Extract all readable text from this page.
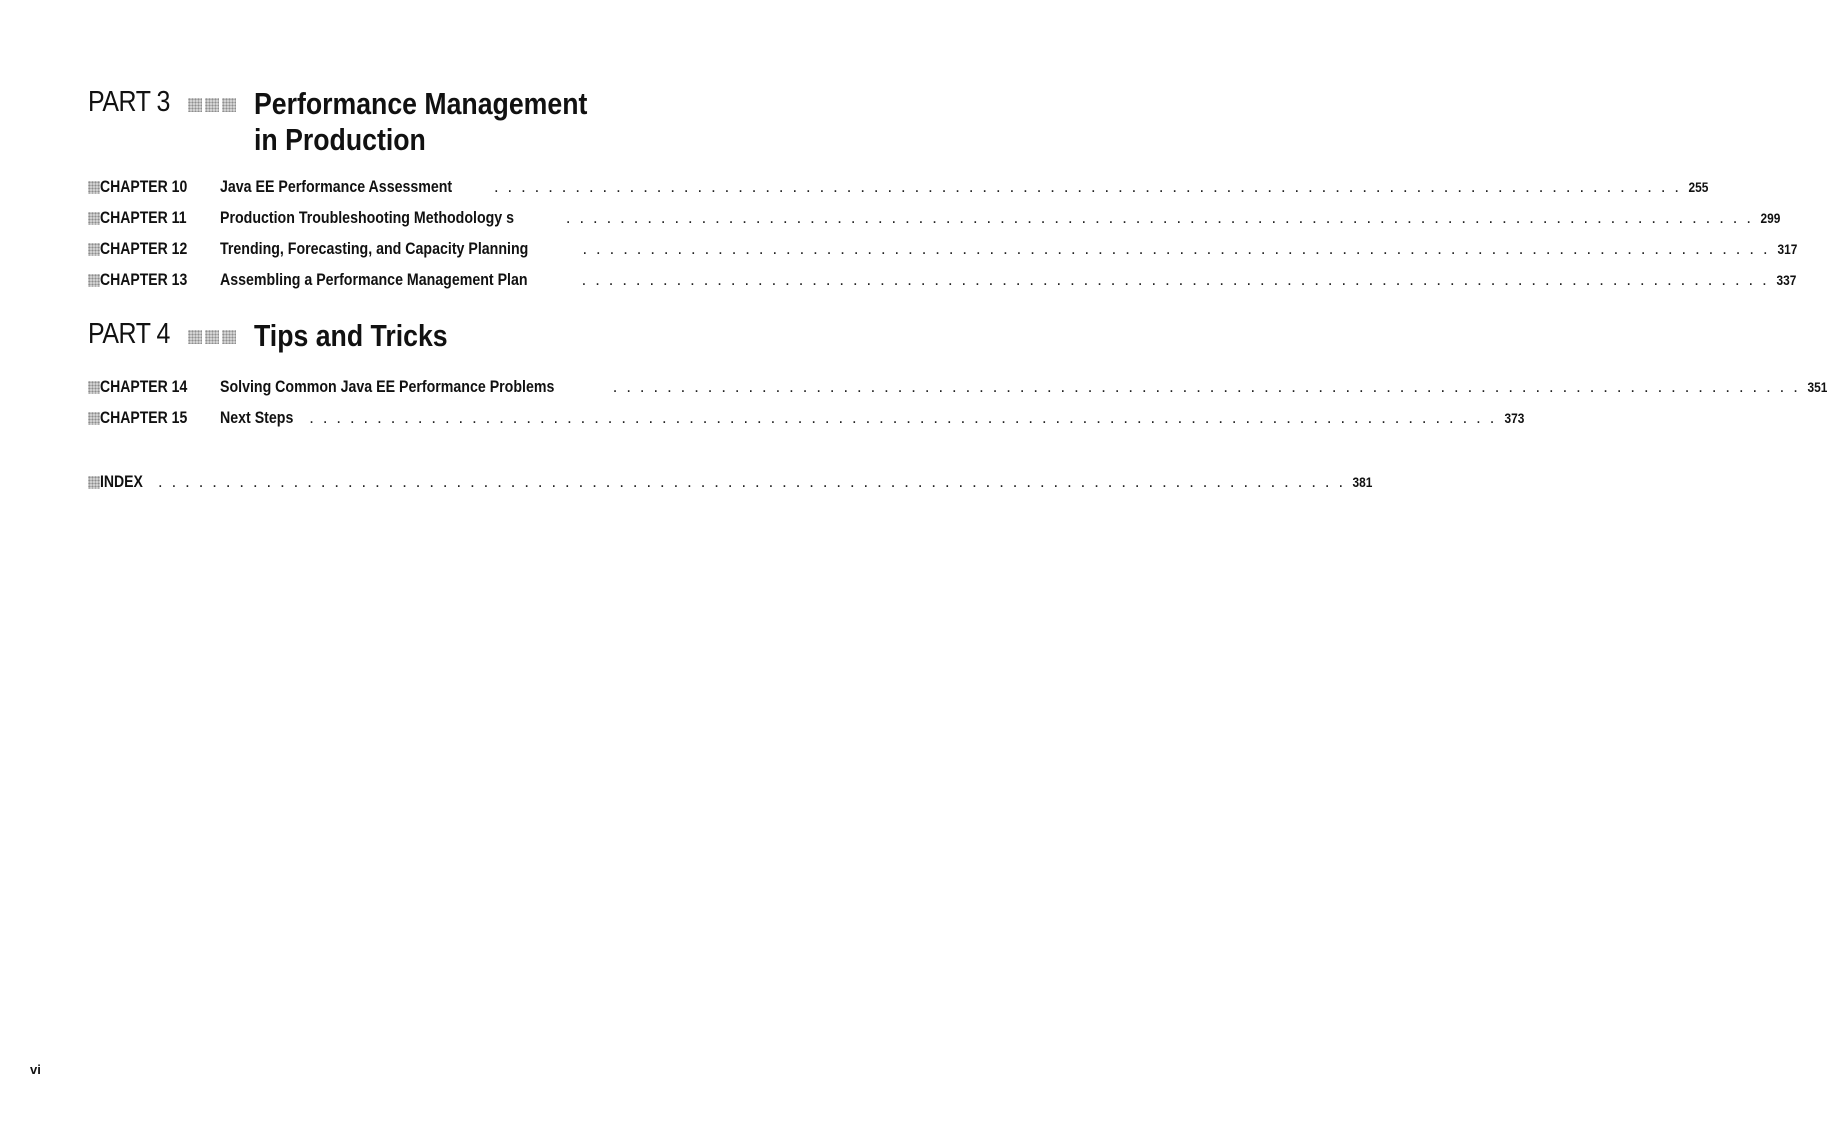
PART 3	Performance Management
in Production
CHAPTER 10 Java EE Performance Assessment	. . . . . . . . . . . . . . . . . . . . . . . . . . . . . . . . . . . . . . . . . . . . . . . . . . . . . . . . . . . . . . . . . . . . . . . . . . . . . . . . . . . . . . . . 255
CHAPTER 11 Production Troubleshooting Methodology s	. . . . . . . . . . . . . . . . . . . . . . . . . . . . . . . . . . . . . . . . . . . . . . . . . . . . . . . . . . . . . . . . . . . . . . . . . . . . . . . . . . . . . . . . 299
CHAPTER 12 Trending, Forecasting, and Capacity Planning	. . . . . . . . . . . . . . . . . . . . . . . . . . . . . . . . . . . . . . . . . . . . . . . . . . . . . . . . . . . . . . . . . . . . . . . . . . . . . . . . . . . . . . . . 317
CHAPTER 13 Assembling a Performance Management Plan	. . . . . . . . . . . . . . . . . . . . . . . . . . . . . . . . . . . . . . . . . . . . . . . . . . . . . . . . . . . . . . . . . . . . . . . . . . . . . . . . . . . . . . . . 337
PART 4	Tips and Tricks
CHAPTER 14 Solving Common Java EE Performance Problems	. . . . . . . . . . . . . . . . . . . . . . . . . . . . . . . . . . . . . . . . . . . . . . . . . . . . . . . . . . . . . . . . . . . . . . . . . . . . . . . . . . . . . . . . 351
CHAPTER 15 Next Steps . . . . . . . . . . . . . . . . . . . . . . . . . . . . . . . . . . . . . . . . . . . . . . . . . . . . . . . . . . . . . . . . . . . . . . . . . . . . . . . . . . . . . . . . 373
INDEX . . . . . . . . . . . . . . . . . . . . . . . . . . . . . . . . . . . . . . . . . . . . . . . . . . . . . . . . . . . . . . . . . . . . . . . . . . . . . . . . . . . . . . . . 381
vi
